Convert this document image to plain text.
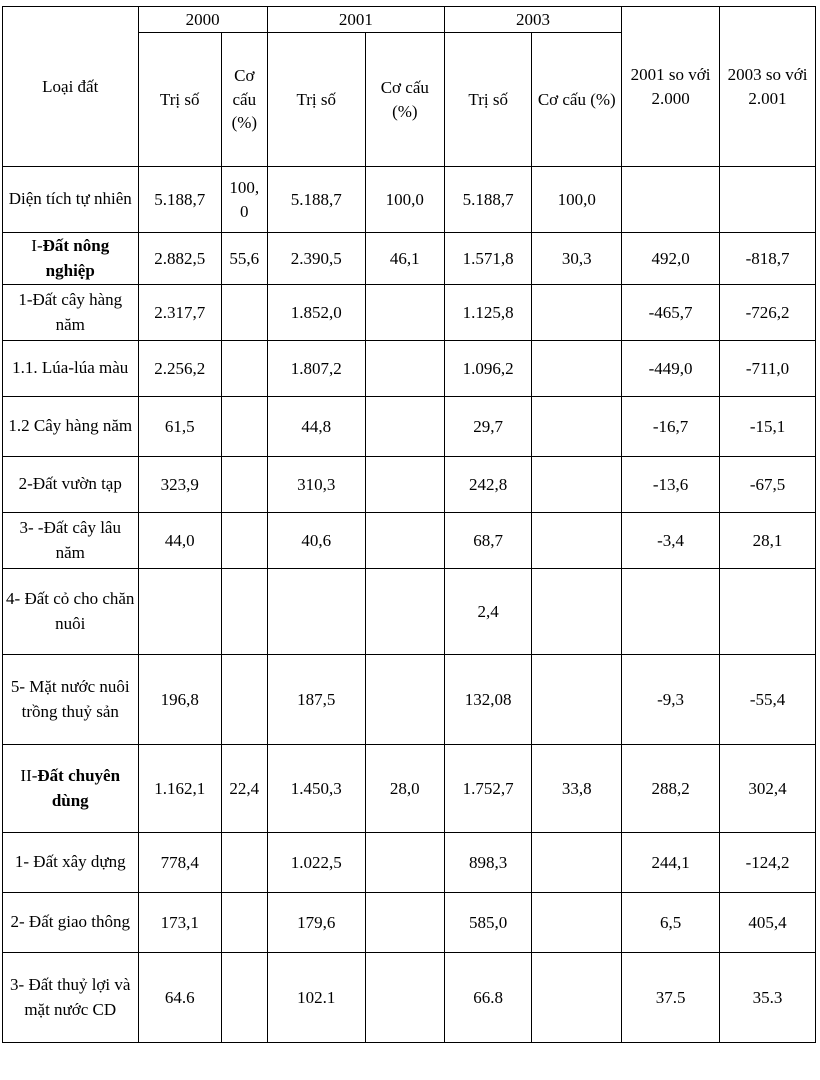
Loại đất	2000		2001		2003		2001 so với 2.000	2003 so với 2.001
	Trị số	Cơ cấu (%)	Trị số	Cơ cấu (%)	Trị số	Cơ cấu (%)		
Diện tích tự nhiên	5.188,7	100, 0	5.188,7	100,0	5.188,7	100,0		
I-Đất nông nghiệp	2.882,5	55,6	2.390,5	46,1	1.571,8	30,3	492,0	-818,7
1-Đất cây hàng năm	2.317,7		1.852,0		1.125,8		-465,7	-726,2
1.1. Lúa-lúa màu	2.256,2		1.807,2		1.096,2		-449,0	-711,0
1.2 Cây hàng năm	61,5		44,8		29,7		-16,7	-15,1
2-Đất vườn tạp	323,9		310,3		242,8		-13,6	-67,5
3- -Đất cây lâu năm	44,0		40,6		68,7		-3,4	28,1
4- Đất cỏ cho chăn nuôi					2,4			
5- Mặt nước nuôi trồng thuỷ sản	196,8		187,5		132,08		-9,3	-55,4
II-Đất chuyên dùng	1.162,1	22,4	1.450,3	28,0	1.752,7	33,8	288,2	302,4
1- Đất xây dựng	778,4		1.022,5		898,3		244,1	-124,2
2- Đất giao thông	173,1		179,6		585,0		6,5	405,4
3- Đất thuỷ lợi và mặt nước CD	64.6		102.1		66.8		37.5	35.3
